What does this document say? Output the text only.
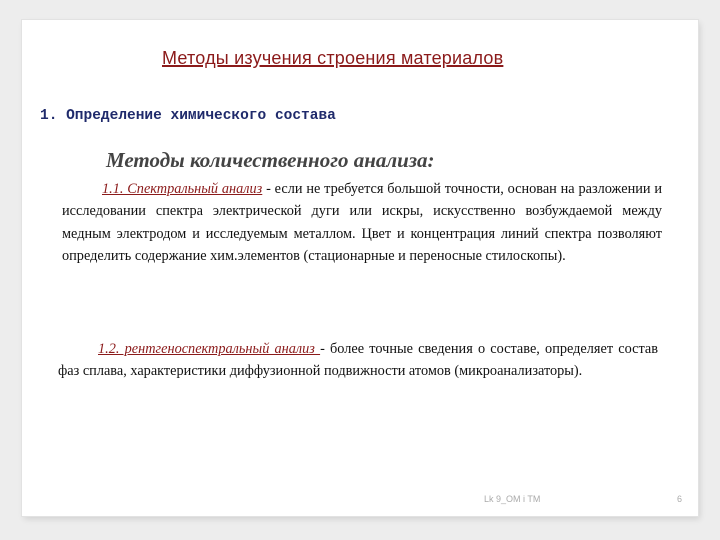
Методы изучения строения материалов
1. Определение химического состава
Методы количественного анализа:
1.1. Спектральный анализ - если не требуется большой точности, основан на разложении и исследовании спектра электрической дуги или искры, искусственно возбуждаемой между медным электродом и исследуемым металлом. Цвет и концентрация линий спектра позволяют определить содержание хим.элементов (стационарные и переносные стилоскопы).
1.2. рентгеноспектральный анализ - более точные сведения о составе, определяет состав фаз сплава, характеристики диффузионной подвижности атомов (микроанализаторы).
Lk 9_OM i TM	6
